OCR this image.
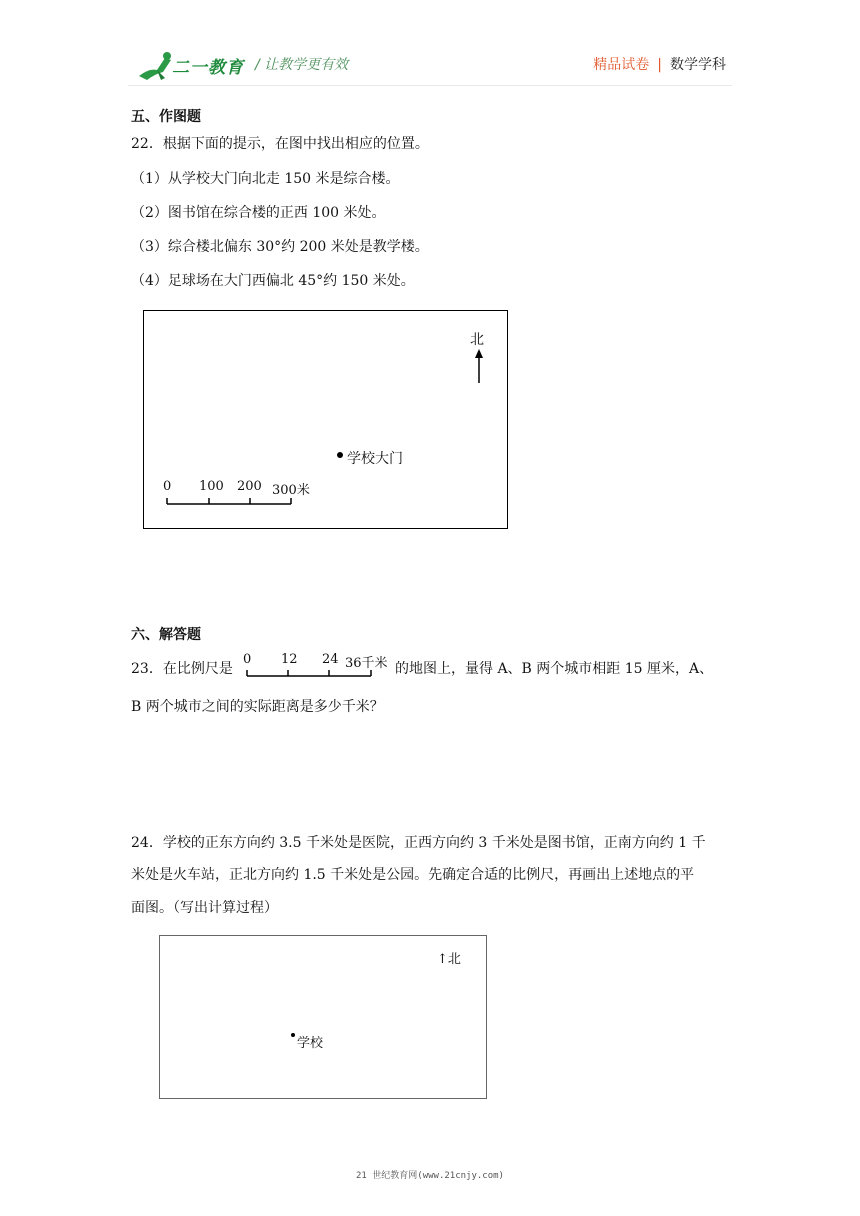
二一教育 / 让教学更有效	精品试卷 | 数学学科
五、作图题
22．根据下面的提示，在图中找出相应的位置。
（1）从学校大门向北走 150 米是综合楼。
（2）图书馆在综合楼的正西 100 米处。
（3）综合楼北偏东 30°约 200 米处是教学楼。
（4）足球场在大门西偏北 45°约 150 米处。
北
学校大门
0 100 200 300米
六、解答题
23．在比例尺是
0 12 24 36千米 的地图上，量得 A、B 两个城市相距 15 厘米，A、
B 两个城市之间的实际距离是多少千米？
24．学校的正东方向约 3.5 千米处是医院，正西方向约 3 千米处是图书馆，正南方向约 1 千
米处是火车站，正北方向约 1.5 千米处是公园。先确定合适的比例尺，再画出上述地点的平
面图。（写出计算过程）
↑北
学校
21 世纪教育网(www.21cnjy.com)
